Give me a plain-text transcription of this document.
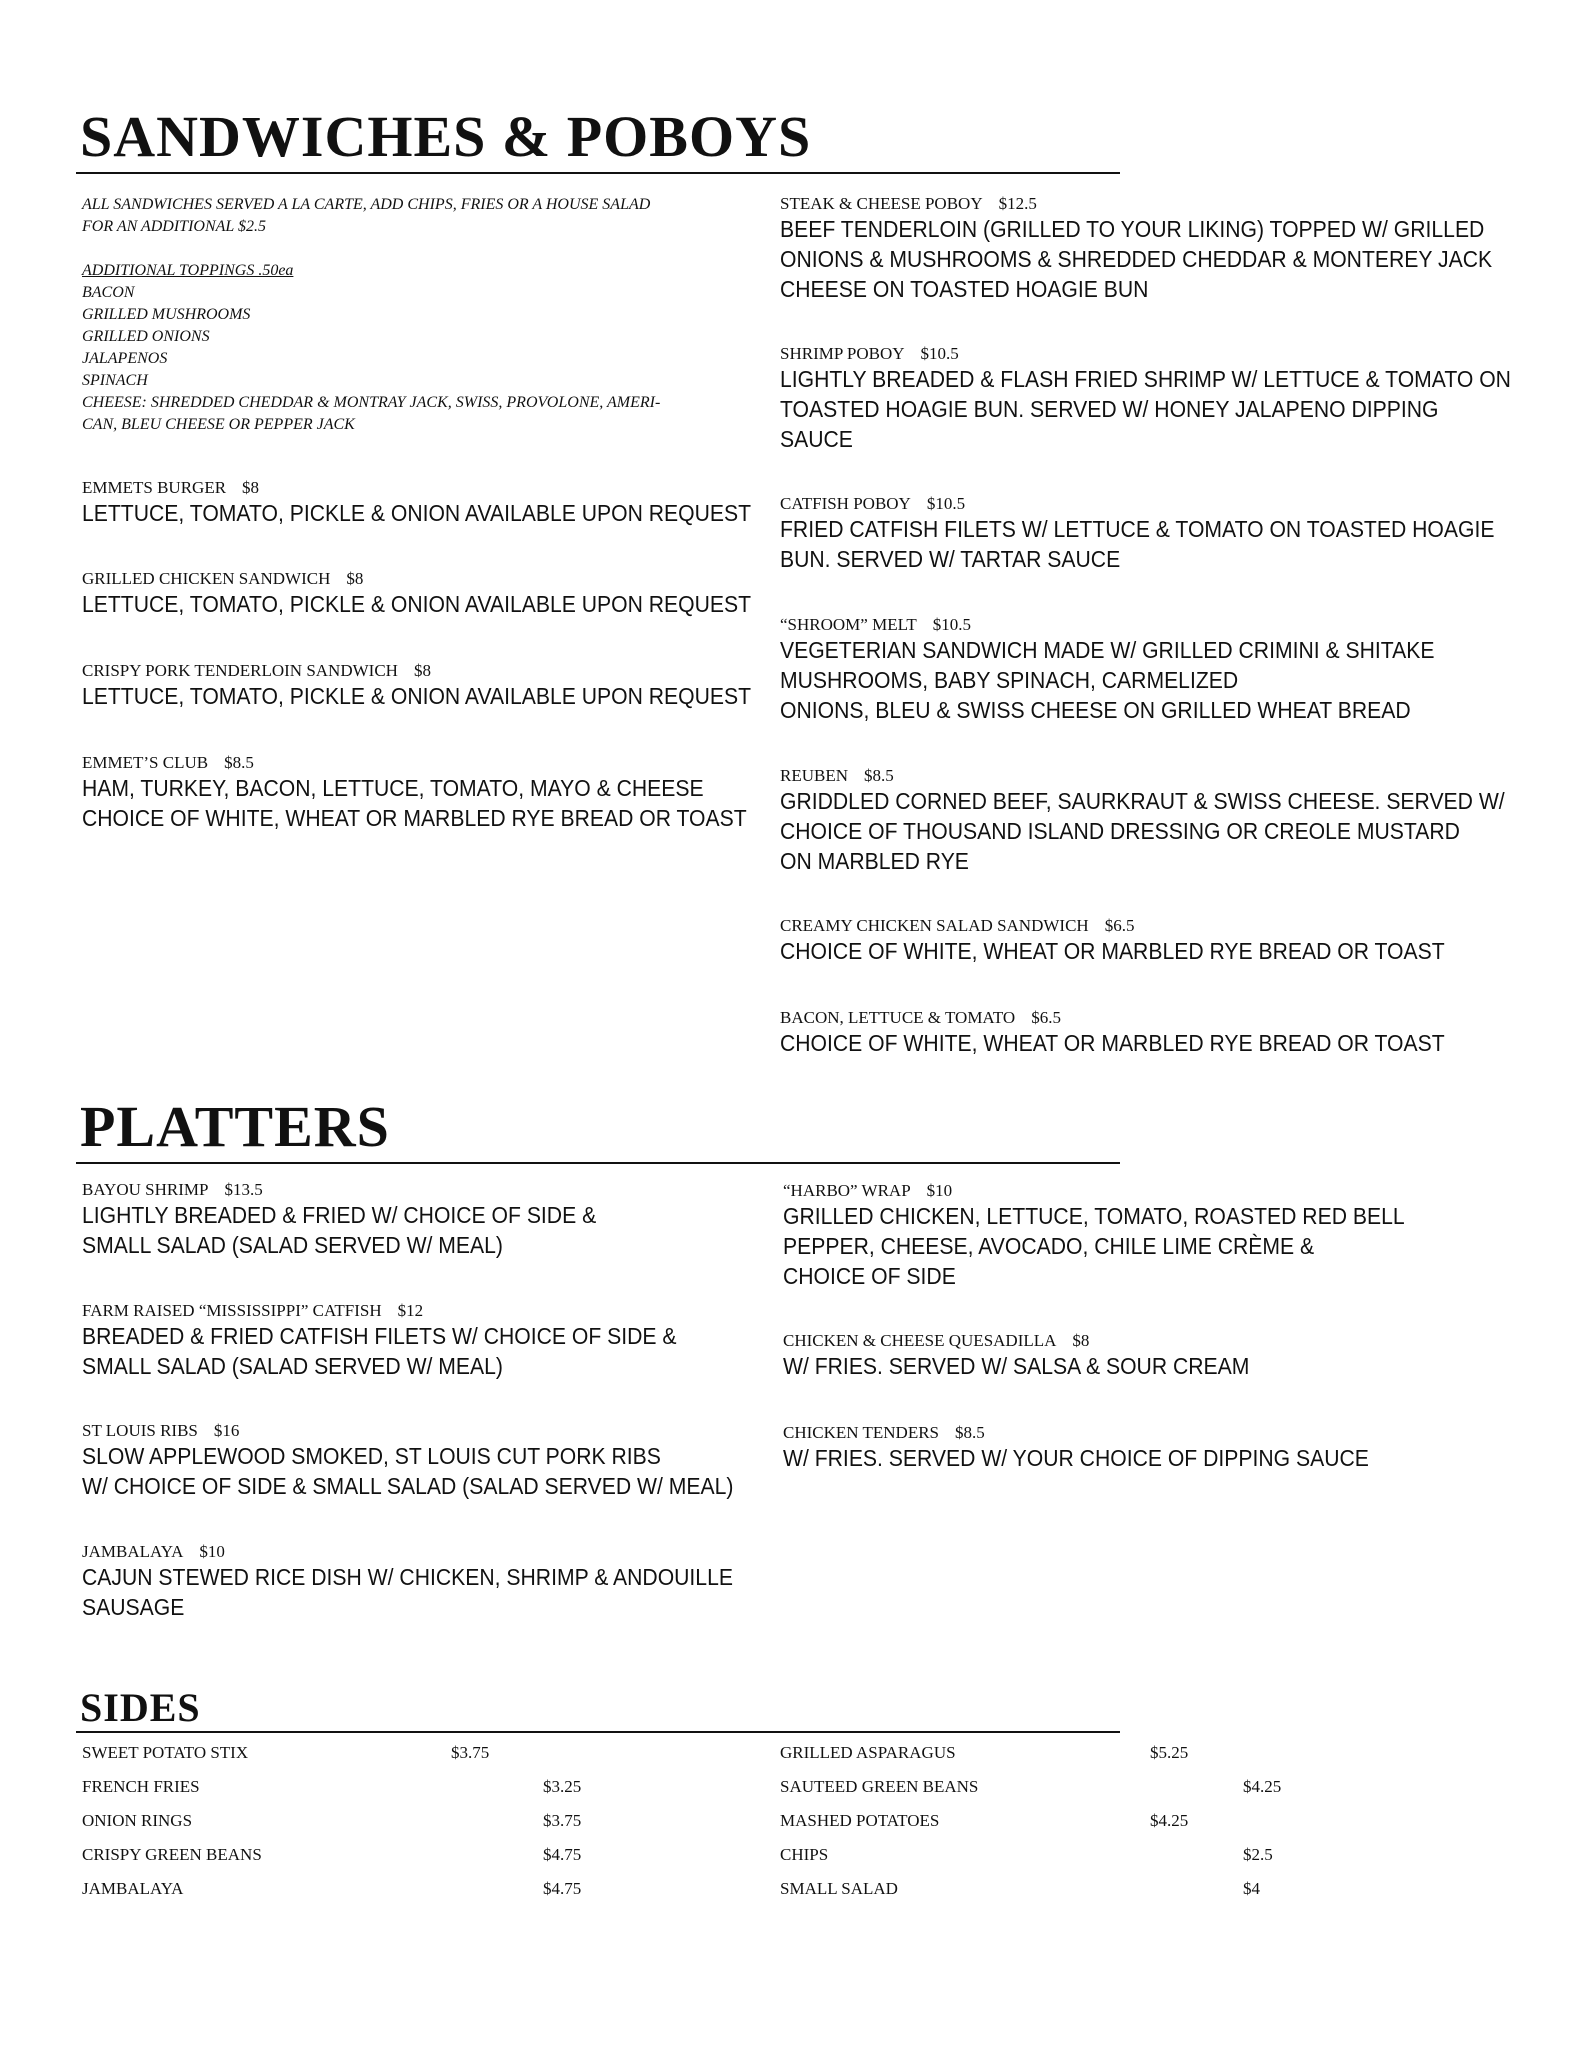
SANDWICHES & POBOYS
ALL SANDWICHES SERVED A LA CARTE, ADD CHIPS, FRIES OR A HOUSE SALAD
FOR AN ADDITIONAL $2.5
ADDITIONAL TOPPINGS .50ea
BACON
GRILLED MUSHROOMS
GRILLED ONIONS
JALAPENOS
SPINACH
CHEESE: SHREDDED CHEDDAR & MONTRAY JACK, SWISS, PROVOLONE, AMERI-
CAN, BLEU CHEESE OR PEPPER JACK
EMMETS BURGER $8
LETTUCE, TOMATO, PICKLE & ONION AVAILABLE UPON REQUEST
GRILLED CHICKEN SANDWICH $8
LETTUCE, TOMATO, PICKLE & ONION AVAILABLE UPON REQUEST
CRISPY PORK TENDERLOIN SANDWICH $8
LETTUCE, TOMATO, PICKLE & ONION AVAILABLE UPON REQUEST
EMMET’S CLUB $8.5
HAM, TURKEY, BACON, LETTUCE, TOMATO, MAYO & CHEESE
CHOICE OF WHITE, WHEAT OR MARBLED RYE BREAD OR TOAST
STEAK & CHEESE POBOY $12.5
BEEF TENDERLOIN (GRILLED TO YOUR LIKING) TOPPED W/ GRILLED
ONIONS & MUSHROOMS & SHREDDED CHEDDAR & MONTEREY JACK
CHEESE ON TOASTED HOAGIE BUN
SHRIMP POBOY $10.5
LIGHTLY BREADED & FLASH FRIED SHRIMP W/ LETTUCE & TOMATO ON
TOASTED HOAGIE BUN. SERVED W/ HONEY JALAPENO DIPPING
SAUCE
CATFISH POBOY $10.5
FRIED CATFISH FILETS W/ LETTUCE & TOMATO ON TOASTED HOAGIE
BUN. SERVED W/ TARTAR SAUCE
“SHROOM” MELT $10.5
VEGETERIAN SANDWICH MADE W/ GRILLED CRIMINI & SHITAKE
MUSHROOMS, BABY SPINACH, CARMELIZED
ONIONS, BLEU & SWISS CHEESE ON GRILLED WHEAT BREAD
REUBEN $8.5
GRIDDLED CORNED BEEF, SAURKRAUT & SWISS CHEESE. SERVED W/
CHOICE OF THOUSAND ISLAND DRESSING OR CREOLE MUSTARD
ON MARBLED RYE
CREAMY CHICKEN SALAD SANDWICH $6.5
CHOICE OF WHITE, WHEAT OR MARBLED RYE BREAD OR TOAST
BACON, LETTUCE & TOMATO $6.5
CHOICE OF WHITE, WHEAT OR MARBLED RYE BREAD OR TOAST
PLATTERS
BAYOU SHRIMP $13.5
LIGHTLY BREADED & FRIED W/ CHOICE OF SIDE &
SMALL SALAD (SALAD SERVED W/ MEAL)
FARM RAISED “MISSISSIPPI” CATFISH $12
BREADED & FRIED CATFISH FILETS W/ CHOICE OF SIDE &
SMALL SALAD (SALAD SERVED W/ MEAL)
ST LOUIS RIBS $16
SLOW APPLEWOOD SMOKED, ST LOUIS CUT PORK RIBS
W/ CHOICE OF SIDE & SMALL SALAD (SALAD SERVED W/ MEAL)
JAMBALAYA $10
CAJUN STEWED RICE DISH W/ CHICKEN, SHRIMP & ANDOUILLE
SAUSAGE
“HARBO” WRAP $10
GRILLED CHICKEN, LETTUCE, TOMATO, ROASTED RED BELL
PEPPER, CHEESE, AVOCADO, CHILE LIME CRÈME &
CHOICE OF SIDE
CHICKEN & CHEESE QUESADILLA $8
W/ FRIES. SERVED W/ SALSA & SOUR CREAM
CHICKEN TENDERS $8.5
W/ FRIES. SERVED W/ YOUR CHOICE OF DIPPING SAUCE
SIDES
SWEET POTATO STIX	$3.75
FRENCH FRIES	$3.25
ONION RINGS	$3.75
CRISPY GREEN BEANS	$4.75
JAMBALAYA	$4.75
GRILLED ASPARAGUS	$5.25
SAUTEED GREEN BEANS	$4.25
MASHED POTATOES	$4.25
CHIPS	$2.5
SMALL SALAD	$4
